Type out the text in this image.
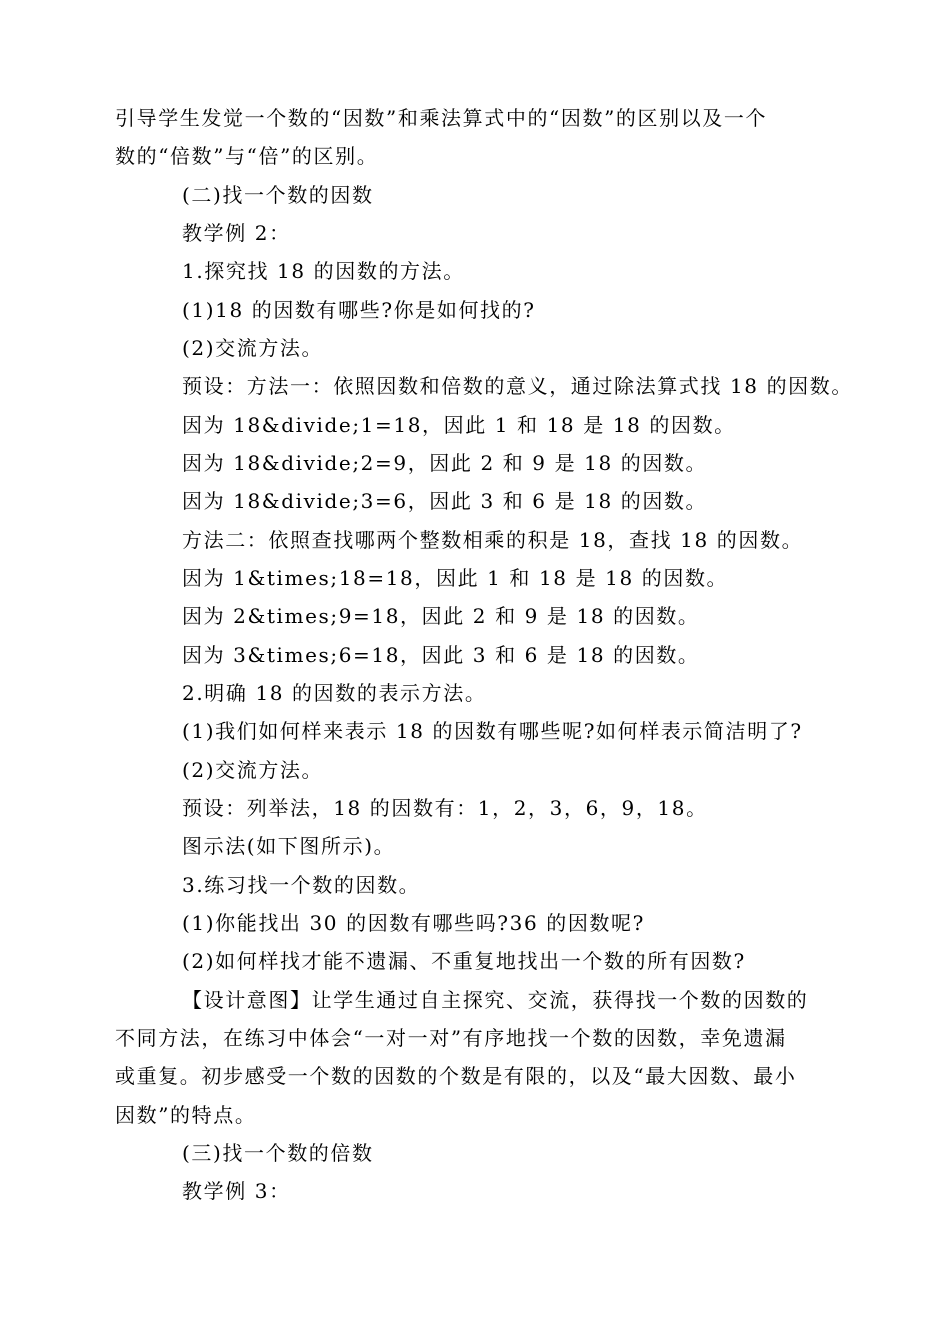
引导学生发觉一个数的“因数”和乘法算式中的“因数”的区别以及一个
数的“倍数”与“倍”的区别。
(二)找一个数的因数
教学例 2：
1.探究找 18 的因数的方法。
(1)18 的因数有哪些?你是如何找的?
(2)交流方法。
预设：方法一：依照因数和倍数的意义，通过除法算式找 18 的因数。
因为 18&divide;1=18，因此 1 和 18 是 18 的因数。
因为 18&divide;2=9，因此 2 和 9 是 18 的因数。
因为 18&divide;3=6，因此 3 和 6 是 18 的因数。
方法二：依照查找哪两个整数相乘的积是 18，查找 18 的因数。
因为 1&times;18=18，因此 1 和 18 是 18 的因数。
因为 2&times;9=18，因此 2 和 9 是 18 的因数。
因为 3&times;6=18，因此 3 和 6 是 18 的因数。
2.明确 18 的因数的表示方法。
(1)我们如何样来表示 18 的因数有哪些呢?如何样表示简洁明了?
(2)交流方法。
预设：列举法，18 的因数有：1，2，3，6，9，18。
图示法(如下图所示)。
3.练习找一个数的因数。
(1)你能找出 30 的因数有哪些吗?36 的因数呢?
(2)如何样找才能不遗漏、不重复地找出一个数的所有因数?
【设计意图】让学生通过自主探究、交流，获得找一个数的因数的
不同方法，在练习中体会“一对一对”有序地找一个数的因数，幸免遗漏
或重复。初步感受一个数的因数的个数是有限的，以及“最大因数、最小
因数”的特点。
(三)找一个数的倍数
教学例 3：
